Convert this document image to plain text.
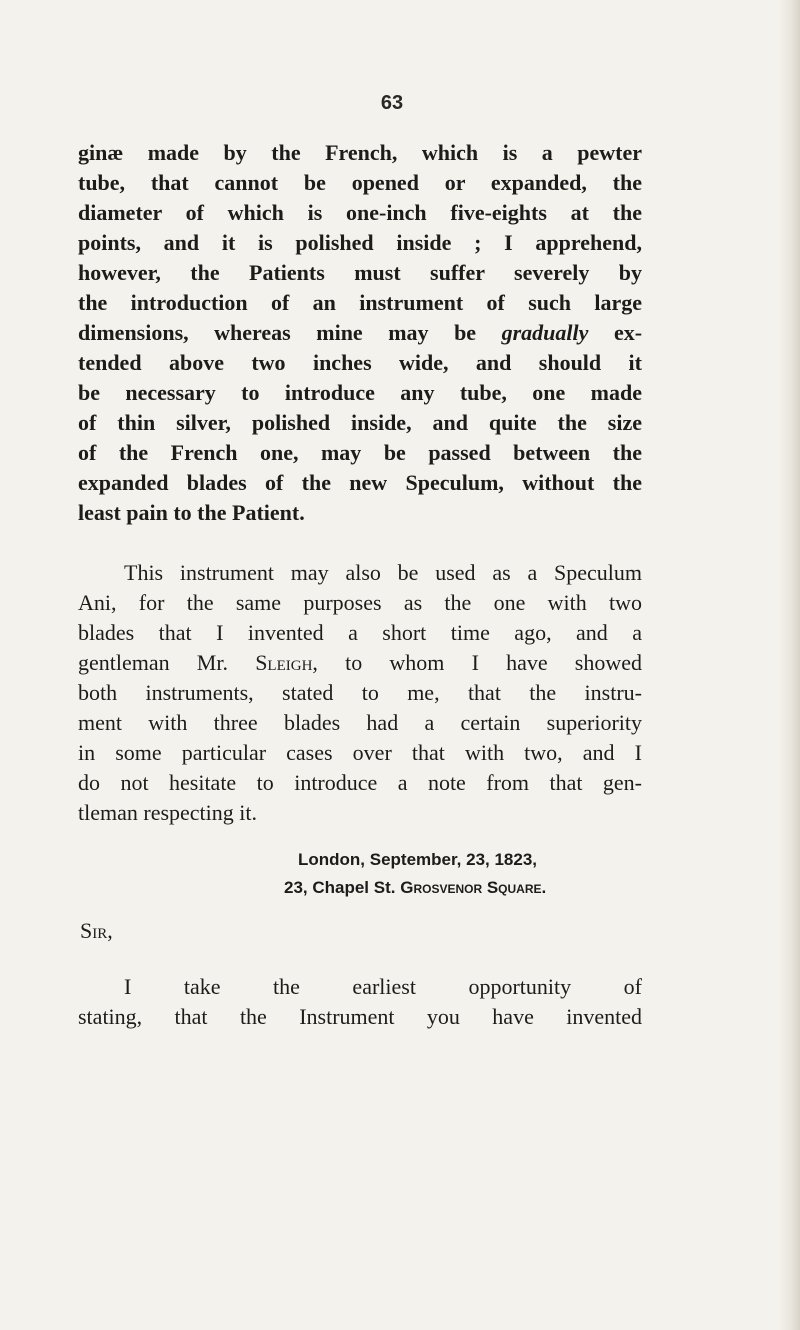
63

ginæ made by the French, which is a pewter

tube, that cannot be opened or expanded, the

diameter of which is one-inch five-eights at the

points, and it is polished inside ; I apprehend,

however, the Patients must suffer severely by

the introduction of an instrument of such large

dimensions, whereas mine may be gradually ex-

tended above two inches wide, and should it

be necessary to introduce any tube, one made

of thin silver, polished inside, and quite the size

of the French one, may be passed between the

expanded blades of the new Speculum, without the

least pain to the Patient.

This instrument may also be used as a Speculum

Ani, for the same purposes as the one with two

blades that I invented a short time ago, and a

gentleman Mr. Sleigh, to whom I have showed

both instruments, stated to me, that the instru-

ment with three blades had a certain superiority

in some particular cases over that with two, and I

do not hesitate to introduce a note from that gen-

tleman respecting it.

London, September, 23, 1823,

23, Chapel St. Grosvenor Square.

Sir,

I take the earliest opportunity of

stating, that the Instrument you have invented
